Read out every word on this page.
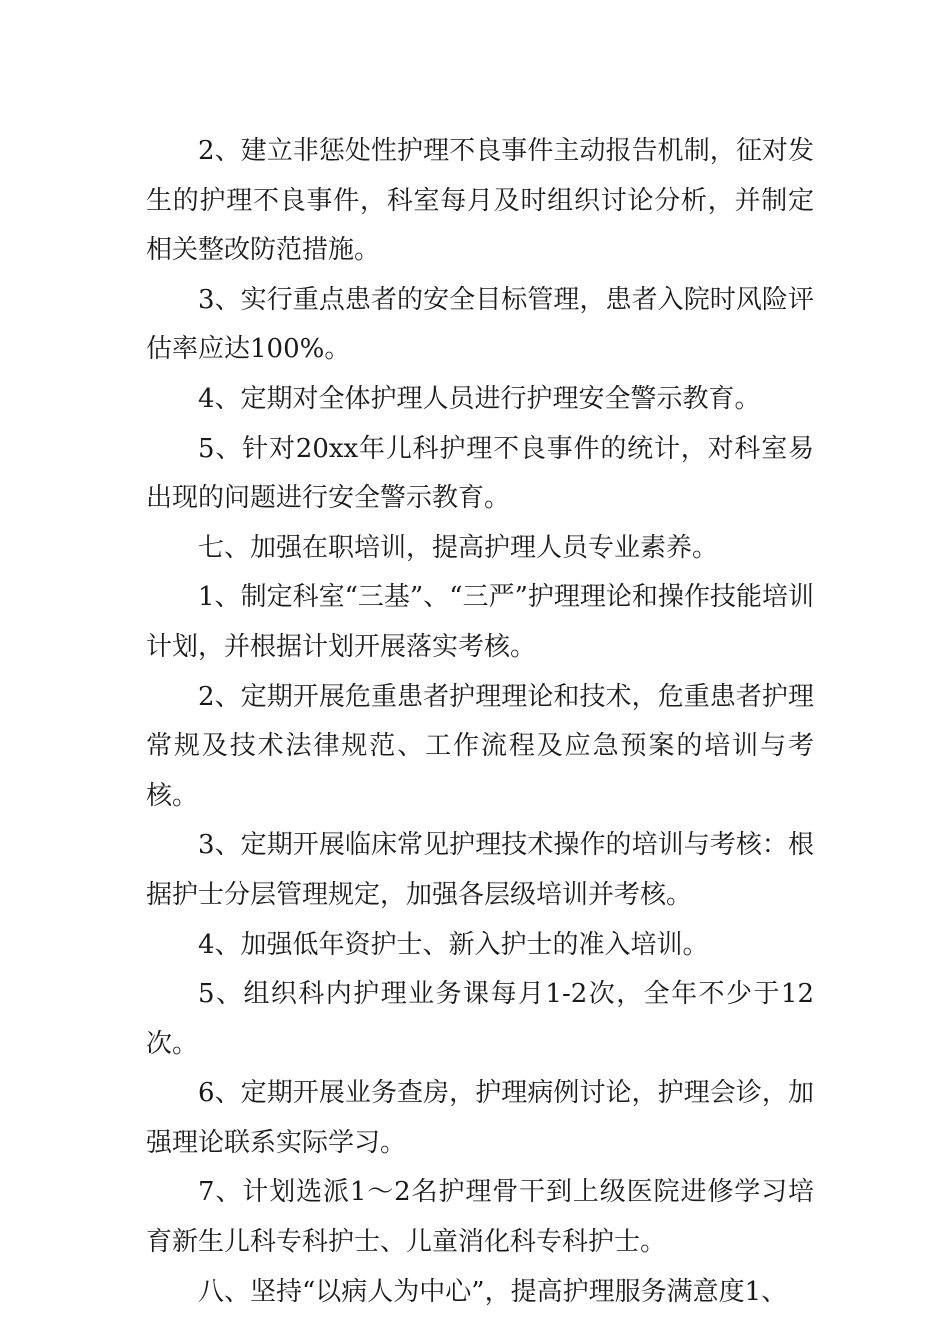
2、建立非惩处性护理不良事件主动报告机制，征对发生的护理不良事件，科室每月及时组织讨论分析，并制定相关整改防范措施。

3、实行重点患者的安全目标管理，患者入院时风险评估率应达100%。

4、定期对全体护理人员进行护理安全警示教育。

5、针对20xx年儿科护理不良事件的统计，对科室易出现的问题进行安全警示教育。

七、加强在职培训，提高护理人员专业素养。

1、制定科室“三基”、“三严”护理理论和操作技能培训计划，并根据计划开展落实考核。

2、定期开展危重患者护理理论和技术，危重患者护理常规及技术法律规范、工作流程及应急预案的培训与考核。

3、定期开展临床常见护理技术操作的培训与考核：根据护士分层管理规定，加强各层级培训并考核。

4、加强低年资护士、新入护士的准入培训。

5、组织科内护理业务课每月1-2次，全年不少于12次。

6、定期开展业务查房，护理病例讨论，护理会诊，加强理论联系实际学习。

7、计划选派1～2名护理骨干到上级医院进修学习培育新生儿科专科护士、儿童消化科专科护士。

八、坚持“以病人为中心”，提高护理服务满意度1、
